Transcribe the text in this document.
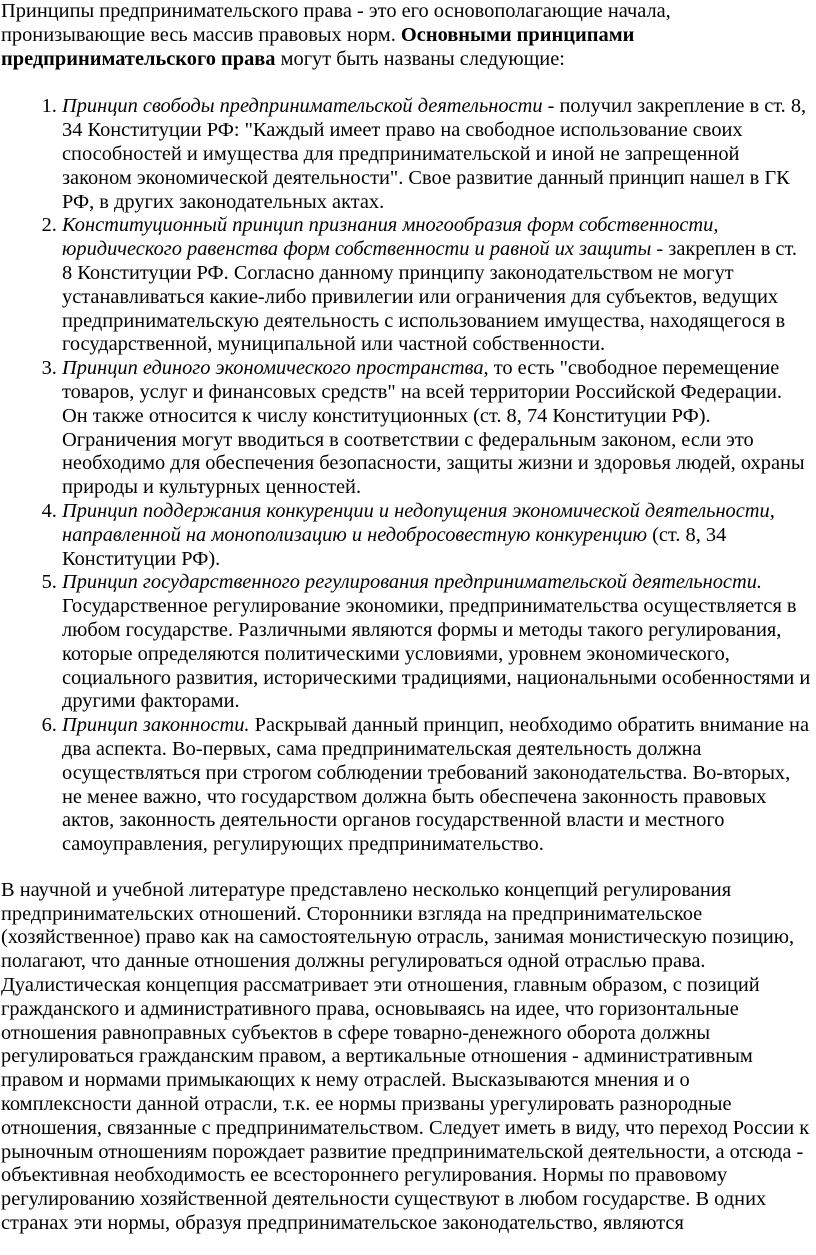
Принципы предпринимательского права - это его основополагающие начала, пронизывающие весь массив правовых норм. Основными принципами предпринимательского права могут быть названы следующие:

1. Принцип свободы предпринимательской деятельности - получил закрепление в ст. 8, 34 Конституции РФ: "Каждый имеет право на свободное использование своих способностей и имущества для предпринимательской и иной не запрещенной законом экономической деятельности". Свое развитие данный принцип нашел в ГК РФ, в других законодательных актах.
2. Конституционный принцип признания многообразия форм собственности, юридического равенства форм собственности и равной их защиты - закреплен в ст. 8 Конституции РФ. Согласно данному принципу законодательством не могут устанавливаться какие-либо привилегии или ограничения для субъектов, ведущих предпринимательскую деятельность с использованием имущества, находящегося в государственной, муниципальной или частной собственности.
3. Принцип единого экономического пространства, то есть "свободное перемещение товаров, услуг и финансовых средств" на всей территории Российской Федерации. Он также относится к числу конституционных (ст. 8, 74 Конституции РФ). Ограничения могут вводиться в соответствии с федеральным законом, если это необходимо для обеспечения безопасности, защиты жизни и здоровья людей, охраны природы и культурных ценностей.
4. Принцип поддержания конкуренции и недопущения экономической деятельности, направленной на монополизацию и недобросовестную конкуренцию (ст. 8, 34 Конституции РФ).
5. Принцип государственного регулирования предпринимательской деятельности. Государственное регулирование экономики, предпринимательства осуществляется в любом государстве. Различными являются формы и методы такого регулирования, которые определяются политическими условиями, уровнем экономического, социального развития, историческими традициями, национальными особенностями и другими факторами.
6. Принцип законности. Раскрывай данный принцип, необходимо обратить внимание на два аспекта. Во-первых, сама предпринимательская деятельность должна осуществляться при строгом соблюдении требований законодательства. Во-вторых, не менее важно, что государством должна быть обеспечена законность правовых актов, законность деятельности органов государственной власти и местного самоуправления, регулирующих предпринимательство.

В научной и учебной литературе представлено несколько концепций регулирования предпринимательских отношений. Сторонники взгляда на предпринимательское (хозяйственное) право как на самостоятельную отрасль, занимая монистическую позицию, полагают, что данные отношения должны регулироваться одной отраслью права. Дуалистическая концепция рассматривает эти отношения, главным образом, с позиций гражданского и административного права, основываясь на идее, что горизонтальные отношения равноправных субъектов в сфере товарно-денежного оборота должны регулироваться гражданским правом, а вертикальные отношения - административным правом и нормами примыкающих к нему отраслей. Высказываются мнения и о комплексности данной отрасли, т.к. ее нормы призваны урегулировать разнородные отношения, связанные с предпринимательством. Следует иметь в виду, что переход России к рыночным отношениям порождает развитие предпринимательской деятельности, а отсюда - объективная необходимость ее всестороннего регулирования. Нормы по правовому регулированию хозяйственной деятельности существуют в любом государстве. В одних странах эти нормы, образуя предпринимательское законодательство, являются
